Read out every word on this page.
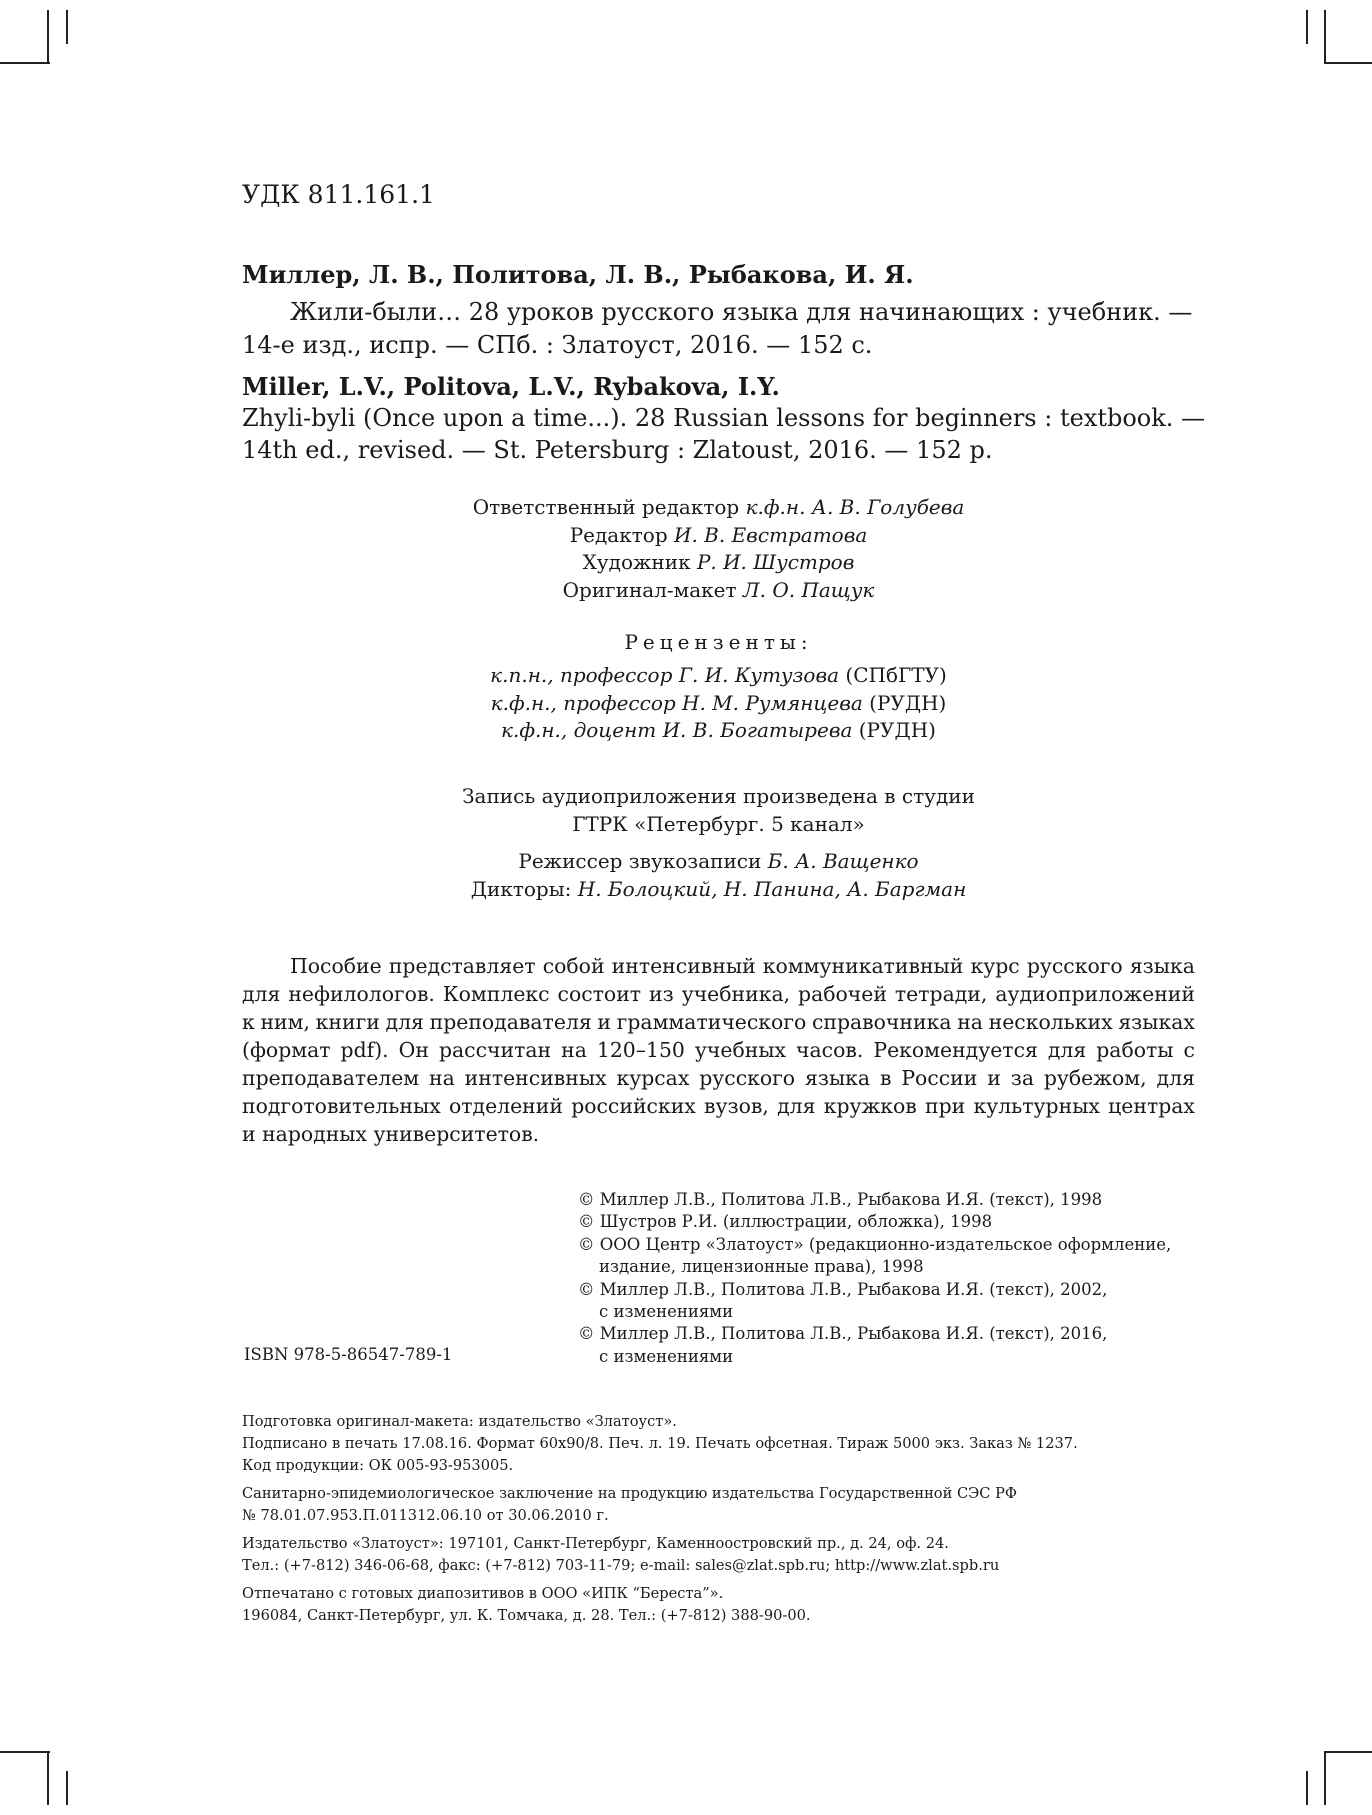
УДК 811.161.1
Миллер, Л. В., Политова, Л. В., Рыбакова, И. Я.
Жили-были… 28 уроков русского языка для начинающих : учебник. —
14-е изд., испр. — СПб. : Златоуст, 2016. — 152 с.
Miller, L.V., Politova, L.V., Rybakova, I.Y.
Zhyli-byli (Once upon a time...). 28 Russian lessons for beginners : textbook. —
14th ed., revised. — St. Petersburg : Zlatoust, 2016. — 152 p.
Ответственный редактор к.ф.н. А. В. Голубева
Редактор И. В. Евстратова
Художник Р. И. Шустров
Оригинал-макет Л. О. Пащук
Рецензенты:
к.п.н., профессор Г. И. Кутузова (СПбГТУ)
к.ф.н., профессор Н. М. Румянцева (РУДН)
к.ф.н., доцент И. В. Богатырева (РУДН)
Запись аудиоприложения произведена в студии
ГТРК «Петербург. 5 канал»
Режиссер звукозаписи Б. А. Ващенко
Дикторы: Н. Болоцкий, Н. Панина, А. Баргман
Пособие представляет собой интенсивный коммуникативный курс русского языка
для нефилологов. Комплекс состоит из учебника, рабочей тетради, аудиоприложений
к ним, книги для преподавателя и грамматического справочника на нескольких языках
(формат pdf). Он рассчитан на 120–150 учебных часов. Рекомендуется для работы с
преподавателем на интенсивных курсах русского языка в России и за рубежом, для
подготовительных отделений российских вузов, для кружков при культурных центрах
и народных университетов.
© Миллер Л.В., Политова Л.В., Рыбакова И.Я. (текст), 1998
© Шустров Р.И. (иллюстрации, обложка), 1998
© ООО Центр «Златоуст» (редакционно-издательское оформление,
издание, лицензионные права), 1998
© Миллер Л.В., Политова Л.В., Рыбакова И.Я. (текст), 2002,
с изменениями
© Миллер Л.В., Политова Л.В., Рыбакова И.Я. (текст), 2016,
с изменениями
ISBN 978-5-86547-789-1
Подготовка оригинал-макета: издательство «Златоуст».
Подписано в печать 17.08.16. Формат 60х90/8. Печ. л. 19. Печать офсетная. Тираж 5000 экз. Заказ № 1237.
Код продукции: ОК 005-93-953005.
Санитарно-эпидемиологическое заключение на продукцию издательства Государственной СЭС РФ
№ 78.01.07.953.П.011312.06.10 от 30.06.2010 г.
Издательство «Златоуст»: 197101, Санкт-Петербург, Каменноостровский пр., д. 24, оф. 24.
Тел.: (+7-812) 346-06-68, факс: (+7-812) 703-11-79; e-mail: sales@zlat.spb.ru; http://www.zlat.spb.ru
Отпечатано с готовых диапозитивов в ООО «ИПК “Береста”».
196084, Санкт-Петербург, ул. К. Томчака, д. 28. Тел.: (+7-812) 388-90-00.
